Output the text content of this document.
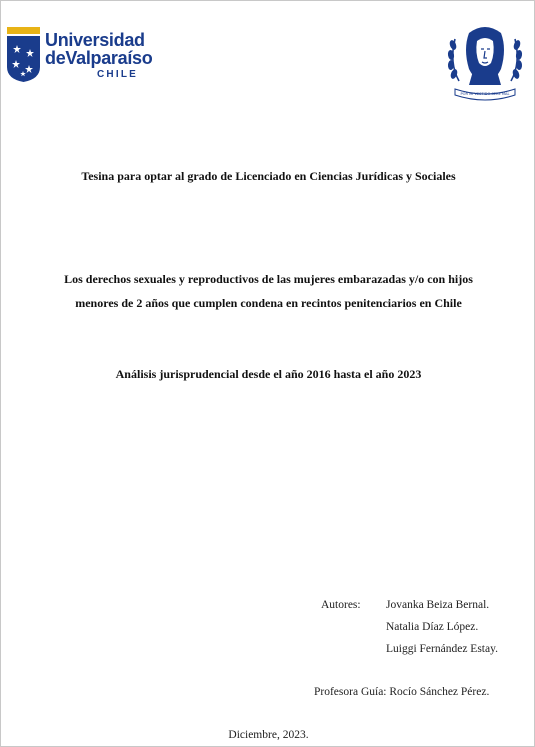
Universidad
deValparaíso
CHILE
POR MI VESTIDO SERE MAL
Tesina para optar al grado de Licenciado en Ciencias Jurídicas y Sociales
Los derechos sexuales y reproductivos de las mujeres embarazadas y/o con hijos
menores de 2 años que cumplen condena en recintos penitenciarios en Chile
Análisis jurisprudencial desde el año 2016 hasta el año 2023
Autores: Jovanka Beiza Bernal.
Natalia Díaz López.
Luiggi Fernández Estay.
Profesora Guía: Rocío Sánchez Pérez.
Diciembre, 2023.
